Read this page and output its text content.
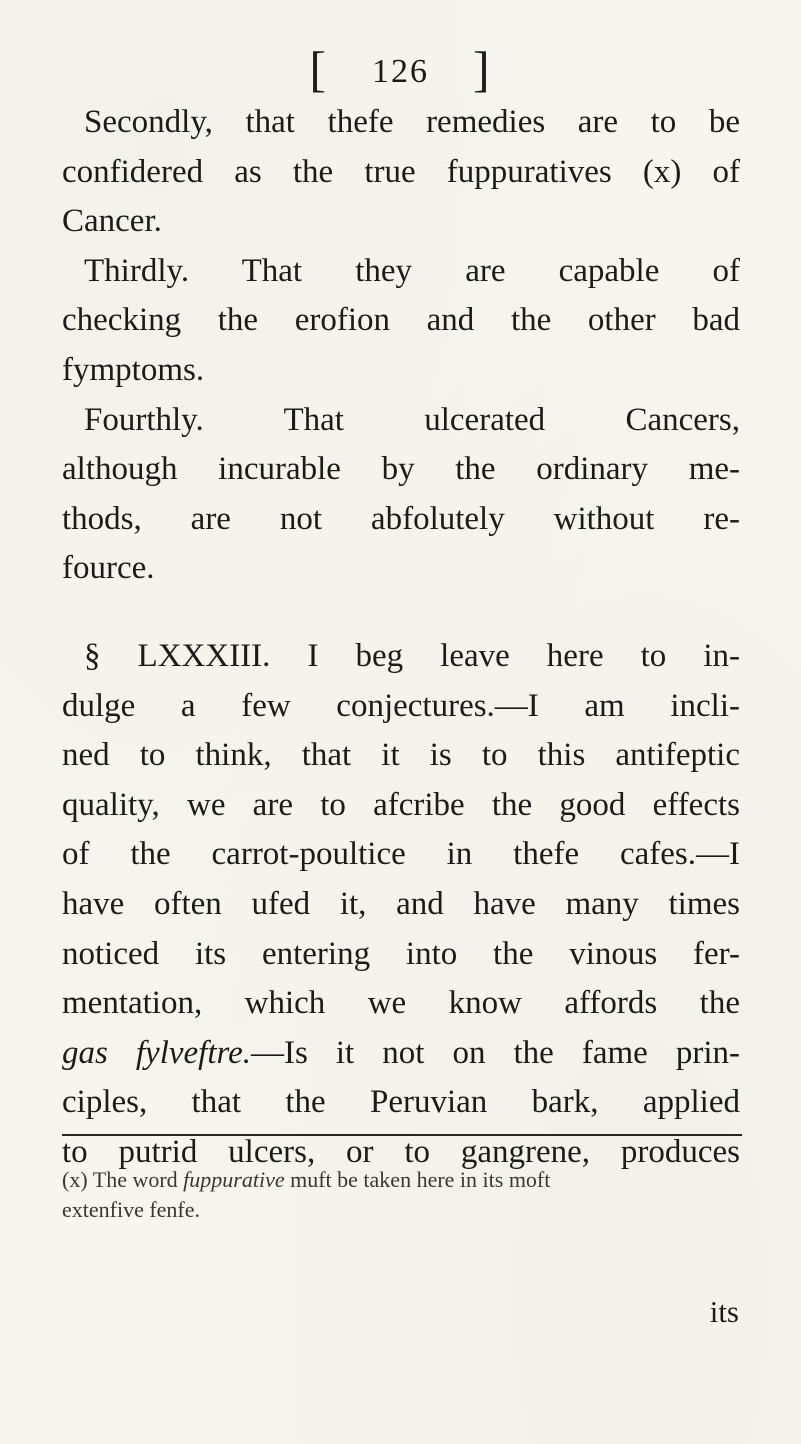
[ 126 ]
Secondly, that thefe remedies are to be
confidered as the true fuppuratives (x) of
Cancer.
Thirdly. That they are capable of
checking the erofion and the other bad
fymptoms.
Fourthly. That ulcerated Cancers,
although incurable by the ordinary me-
thods, are not abfolutely without re-
fource.
§ LXXXIII. I beg leave here to in-
dulge a few conjectures.—I am incli-
ned to think, that it is to this antifeptic
quality, we are to afcribe the good effects
of the carrot-poultice in thefe cafes.—I
have often ufed it, and have many times
noticed its entering into the vinous fer-
mentation, which we know affords the
gas fylveftre.—Is it not on the fame prin-
ciples, that the Peruvian bark, applied
to putrid ulcers, or to gangrene, produces
(x) The word fuppurative muft be taken here in its moft
extenfive fenfe.
its
